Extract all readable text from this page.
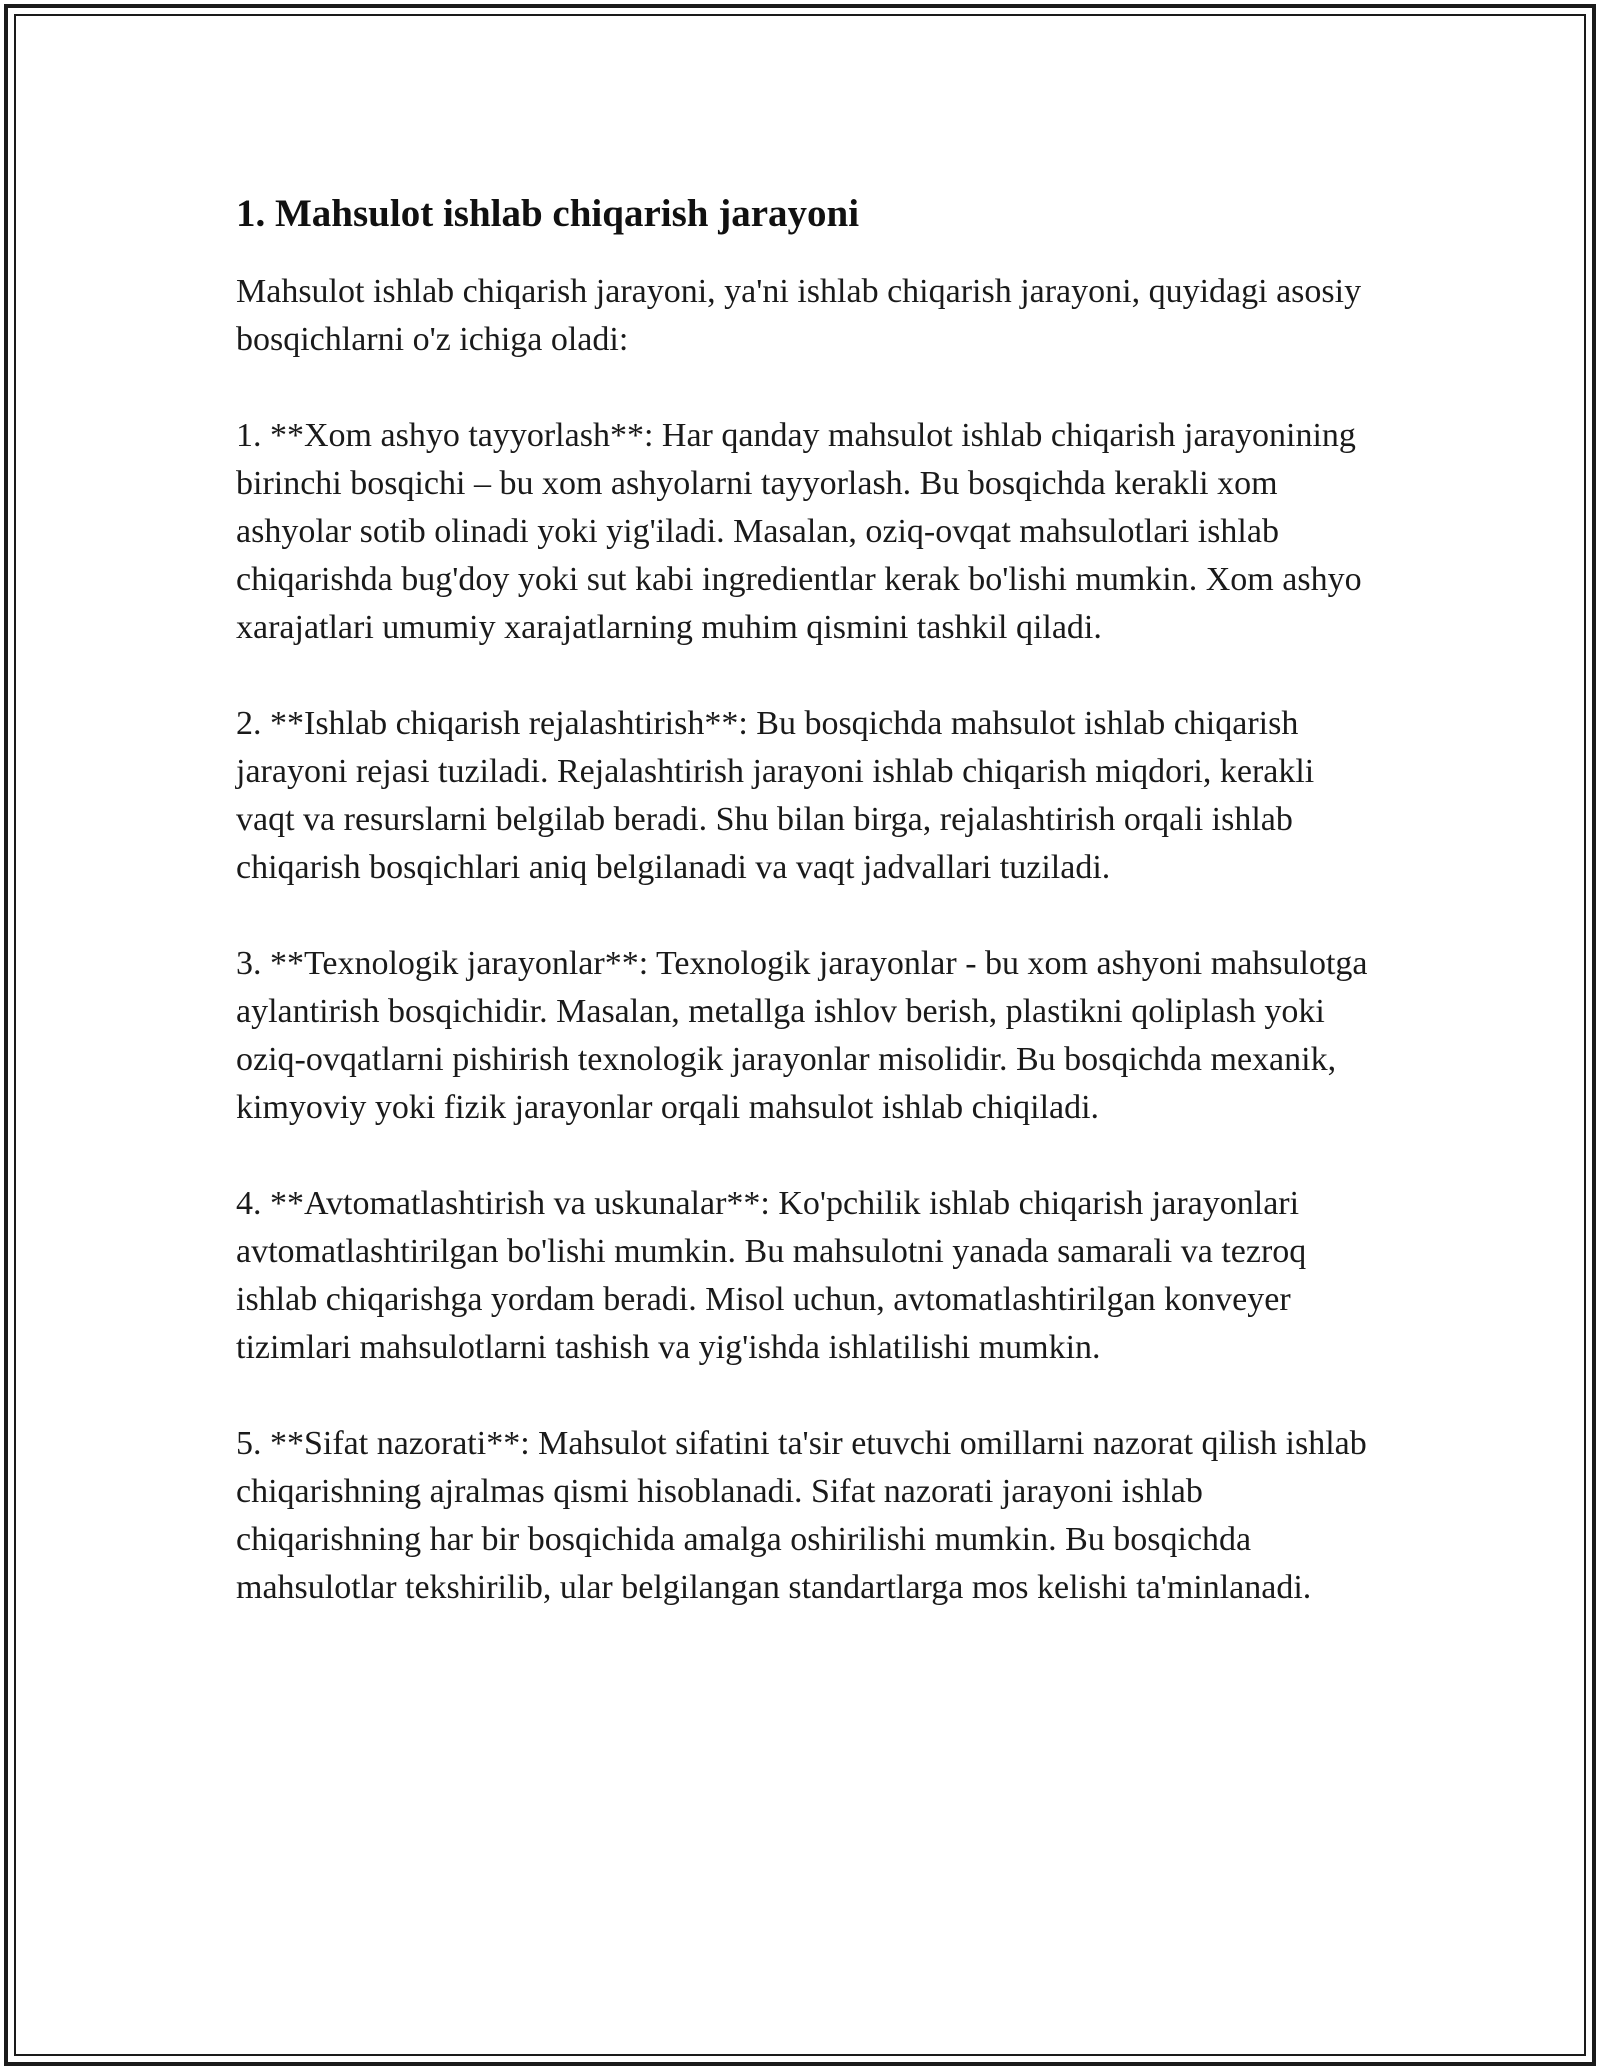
1. Mahsulot ishlab chiqarish jarayoni

Mahsulot ishlab chiqarish jarayoni, ya'ni ishlab chiqarish jarayoni, quyidagi asosiy bosqichlarni o'z ichiga oladi:

1. **Xom ashyo tayyorlash**: Har qanday mahsulot ishlab chiqarish jarayonining birinchi bosqichi – bu xom ashyolarni tayyorlash. Bu bosqichda kerakli xom ashyolar sotib olinadi yoki yig'iladi. Masalan, oziq-ovqat mahsulotlari ishlab chiqarishda bug'doy yoki sut kabi ingredientlar kerak bo'lishi mumkin. Xom ashyo xarajatlari umumiy xarajatlarning muhim qismini tashkil qiladi.

2. **Ishlab chiqarish rejalashtirish**: Bu bosqichda mahsulot ishlab chiqarish jarayoni rejasi tuziladi. Rejalashtirish jarayoni ishlab chiqarish miqdori, kerakli vaqt va resurslarni belgilab beradi. Shu bilan birga, rejalashtirish orqali ishlab chiqarish bosqichlari aniq belgilanadi va vaqt jadvallari tuziladi.

3. **Texnologik jarayonlar**: Texnologik jarayonlar - bu xom ashyoni mahsulotga aylantirish bosqichidir. Masalan, metallga ishlov berish, plastikni qoliplash yoki oziq-ovqatlarni pishirish texnologik jarayonlar misolidir. Bu bosqichda mexanik, kimyoviy yoki fizik jarayonlar orqali mahsulot ishlab chiqiladi.

4. **Avtomatlashtirish va uskunalar**: Ko'pchilik ishlab chiqarish jarayonlari avtomatlashtirilgan bo'lishi mumkin. Bu mahsulotni yanada samarali va tezroq ishlab chiqarishga yordam beradi. Misol uchun, avtomatlashtirilgan konveyer tizimlari mahsulotlarni tashish va yig'ishda ishlatilishi mumkin.

5. **Sifat nazorati**: Mahsulot sifatini ta'sir etuvchi omillarni nazorat qilish ishlab chiqarishning ajralmas qismi hisoblanadi. Sifat nazorati jarayoni ishlab chiqarishning har bir bosqichida amalga oshirilishi mumkin. Bu bosqichda mahsulotlar tekshirilib, ular belgilangan standartlarga mos kelishi ta'minlanadi.
